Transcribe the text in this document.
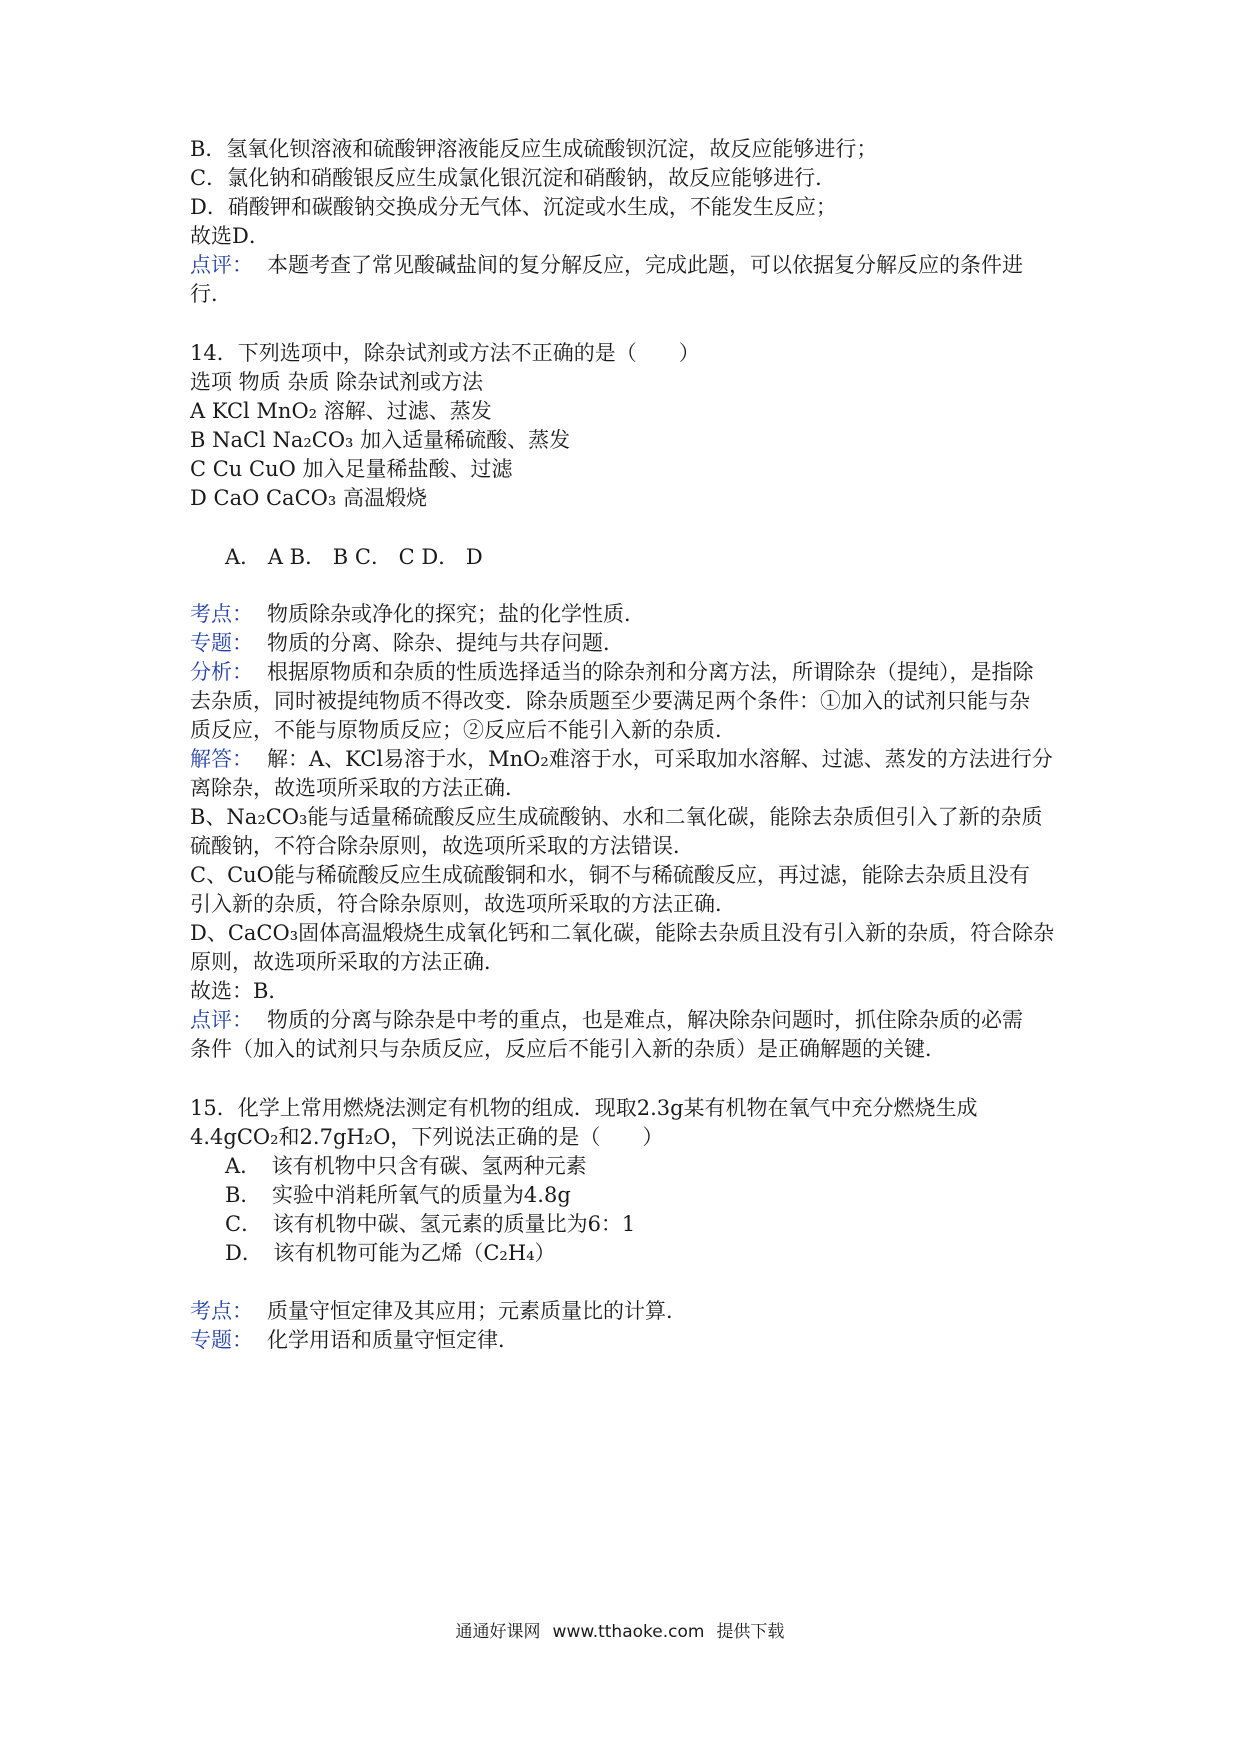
B．氢氧化钡溶液和硫酸钾溶液能反应生成硫酸钡沉淀，故反应能够进行；
C．氯化钠和硝酸银反应生成氯化银沉淀和硝酸钠，故反应能够进行．
D．硝酸钾和碳酸钠交换成分无气体、沉淀或水生成，不能发生反应；
故选D．
点评： 本题考查了常见酸碱盐间的复分解反应，完成此题，可以依据复分解反应的条件进
行．
14．下列选项中，除杂试剂或方法不正确的是（　　）
选项 物质 杂质 除杂试剂或方法
A KCl MnO₂ 溶解、过滤、蒸发
B NaCl Na₂CO₃ 加入适量稀硫酸、蒸发
C Cu CuO 加入足量稀盐酸、过滤
D CaO CaCO₃ 高温煅烧
A． A B． B C． C D． D
考点： 物质除杂或净化的探究；盐的化学性质．
专题： 物质的分离、除杂、提纯与共存问题．
分析： 根据原物质和杂质的性质选择适当的除杂剂和分离方法，所谓除杂（提纯），是指除
去杂质，同时被提纯物质不得改变．除杂质题至少要满足两个条件：①加入的试剂只能与杂
质反应，不能与原物质反应；②反应后不能引入新的杂质．
解答： 解：A、KCl易溶于水，MnO₂难溶于水，可采取加水溶解、过滤、蒸发的方法进行分
离除杂，故选项所采取的方法正确．
B、Na₂CO₃能与适量稀硫酸反应生成硫酸钠、水和二氧化碳，能除去杂质但引入了新的杂质
硫酸钠，不符合除杂原则，故选项所采取的方法错误．
C、CuO能与稀硫酸反应生成硫酸铜和水，铜不与稀硫酸反应，再过滤，能除去杂质且没有
引入新的杂质，符合除杂原则，故选项所采取的方法正确．
D、CaCO₃固体高温煅烧生成氧化钙和二氧化碳，能除去杂质且没有引入新的杂质，符合除杂
原则，故选项所采取的方法正确．
故选：B．
点评： 物质的分离与除杂是中考的重点，也是难点，解决除杂问题时，抓住除杂质的必需
条件（加入的试剂只与杂质反应，反应后不能引入新的杂质）是正确解题的关键．
15．化学上常用燃烧法测定有机物的组成．现取2.3g某有机物在氧气中充分燃烧生成
4.4gCO₂和2.7gH₂O，下列说法正确的是（　　）
A．　该有机物中只含有碳、氢两种元素
B．　实验中消耗所氧气的质量为4.8g
C．　该有机物中碳、氢元素的质量比为6：1
D．　该有机物可能为乙烯（C₂H₄）
考点： 质量守恒定律及其应用；元素质量比的计算．
专题： 化学用语和质量守恒定律．
通通好课网 www.tthaoke.com 提供下载
